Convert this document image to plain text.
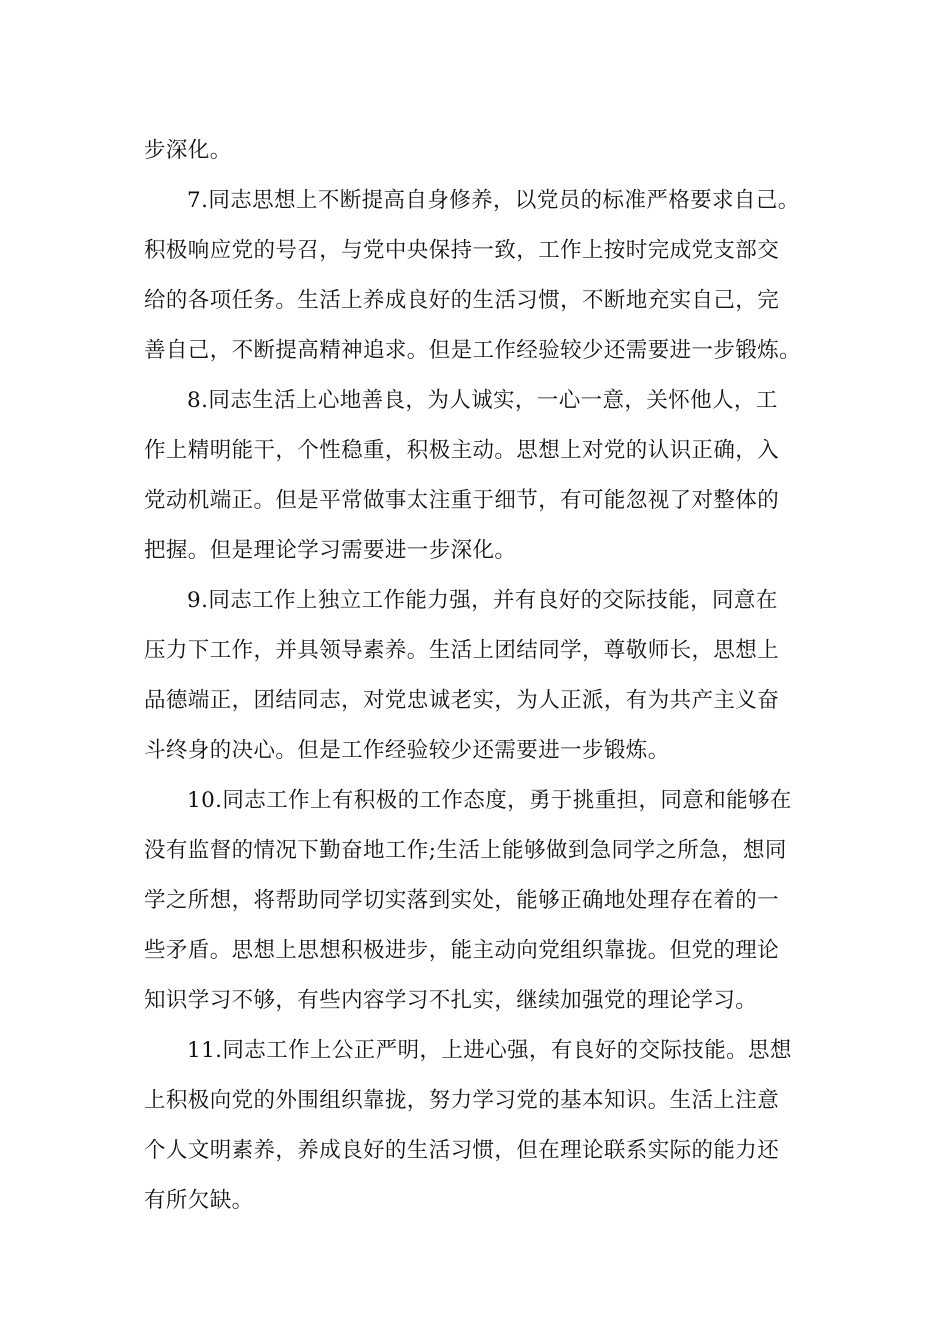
步深化。
7.同志思想上不断提高自身修养，以党员的标准严格要求自己。
积极响应党的号召，与党中央保持一致，工作上按时完成党支部交
给的各项任务。生活上养成良好的生活习惯，不断地充实自己，完
善自己，不断提高精神追求。但是工作经验较少还需要进一步锻炼。
8.同志生活上心地善良，为人诚实，一心一意，关怀他人，工
作上精明能干，个性稳重，积极主动。思想上对党的认识正确，入
党动机端正。但是平常做事太注重于细节，有可能忽视了对整体的
把握。但是理论学习需要进一步深化。
9.同志工作上独立工作能力强，并有良好的交际技能，同意在
压力下工作，并具领导素养。生活上团结同学，尊敬师长，思想上
品德端正，团结同志，对党忠诚老实，为人正派，有为共产主义奋
斗终身的决心。但是工作经验较少还需要进一步锻炼。
10.同志工作上有积极的工作态度，勇于挑重担，同意和能够在
没有监督的情况下勤奋地工作;生活上能够做到急同学之所急，想同
学之所想，将帮助同学切实落到实处，能够正确地处理存在着的一
些矛盾。思想上思想积极进步，能主动向党组织靠拢。但党的理论
知识学习不够，有些内容学习不扎实，继续加强党的理论学习。
11.同志工作上公正严明，上进心强，有良好的交际技能。思想
上积极向党的外围组织靠拢，努力学习党的基本知识。生活上注意
个人文明素养，养成良好的生活习惯，但在理论联系实际的能力还
有所欠缺。
